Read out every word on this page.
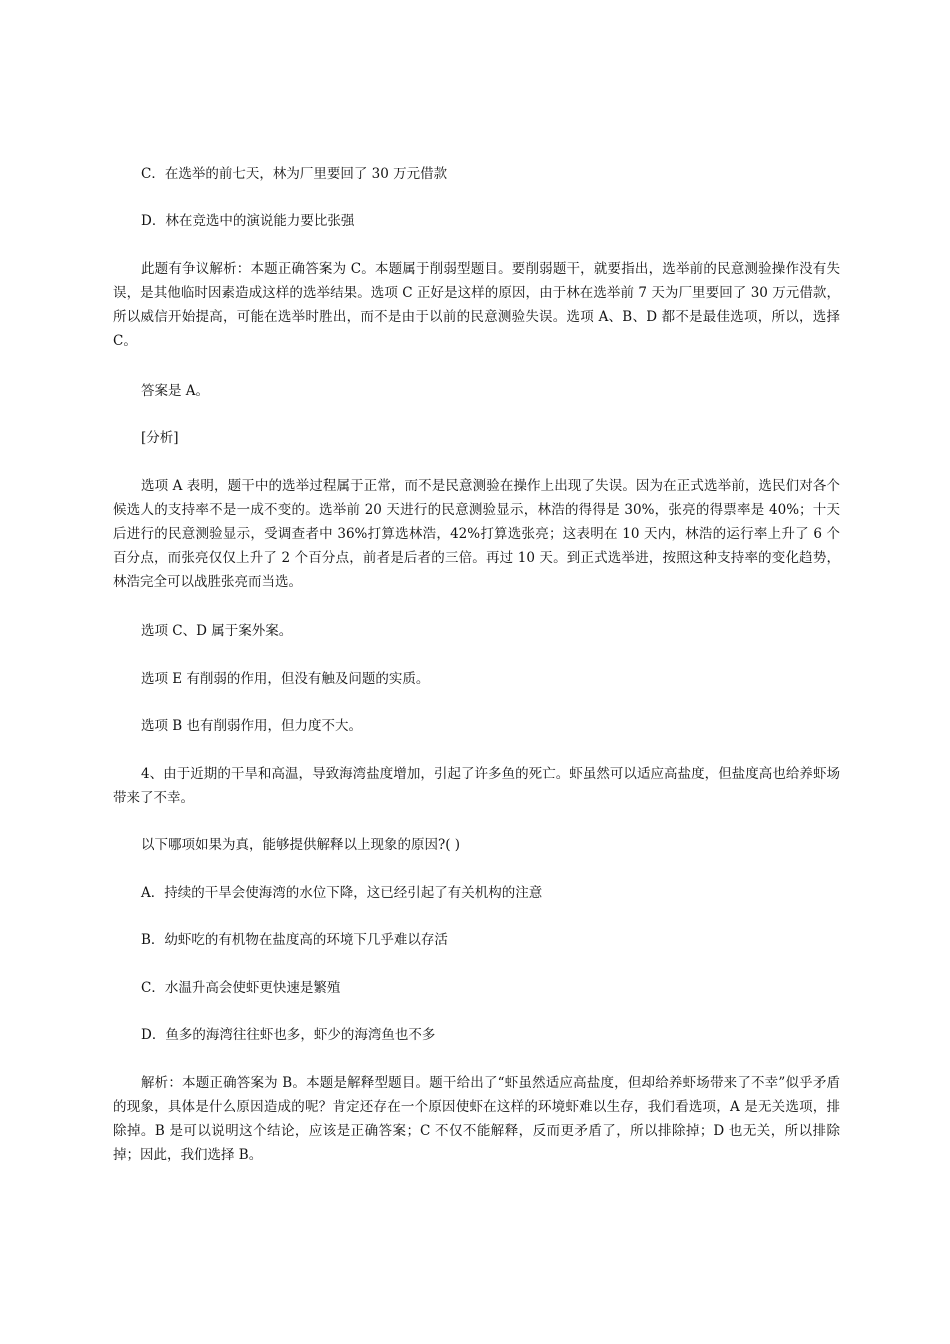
C．在选举的前七天，林为厂里要回了 30 万元借款

D．林在竞选中的演说能力要比张强

此题有争议解析：本题正确答案为 C。本题属于削弱型题目。要削弱题干，就要指出，选举前的民意测验操作没有失误，是其他临时因素造成这样的选举结果。选项 C 正好是这样的原因，由于林在选举前 7 天为厂里要回了 30 万元借款，所以威信开始提高，可能在选举时胜出，而不是由于以前的民意测验失误。选项 A、B、D 都不是最佳选项，所以，选择 C。

答案是 A。

[分析]

选项 A 表明，题干中的选举过程属于正常，而不是民意测验在操作上出现了失误。因为在正式选举前，选民们对各个候选人的支持率不是一成不变的。选举前 20 天进行的民意测验显示，林浩的得得是 30%，张亮的得票率是 40%；十天后进行的民意测验显示，受调查者中 36%打算选林浩，42%打算选张亮；这表明在 10 天内，林浩的运行率上升了 6 个百分点，而张亮仅仅上升了 2 个百分点，前者是后者的三倍。再过 10 天。到正式选举进，按照这种支持率的变化趋势，林浩完全可以战胜张亮而当选。

选项 C、D 属于案外案。

选项 E 有削弱的作用，但没有触及问题的实质。

选项 B 也有削弱作用，但力度不大。

4、由于近期的干旱和高温，导致海湾盐度增加，引起了许多鱼的死亡。虾虽然可以适应高盐度，但盐度高也给养虾场带来了不幸。

以下哪项如果为真，能够提供解释以上现象的原因?( )

A．持续的干旱会使海湾的水位下降，这已经引起了有关机构的注意

B．幼虾吃的有机物在盐度高的环境下几乎难以存活

C．水温升高会使虾更快速是繁殖

D．鱼多的海湾往往虾也多，虾少的海湾鱼也不多

解析：本题正确答案为 B。本题是解释型题目。题干给出了“虾虽然适应高盐度，但却给养虾场带来了不幸”似乎矛盾的现象，具体是什么原因造成的呢？肯定还存在一个原因使虾在这样的环境虾难以生存，我们看选项，A 是无关选项，排除掉。B 是可以说明这个结论，应该是正确答案；C 不仅不能解释，反而更矛盾了，所以排除掉；D 也无关，所以排除掉；因此，我们选择 B。
